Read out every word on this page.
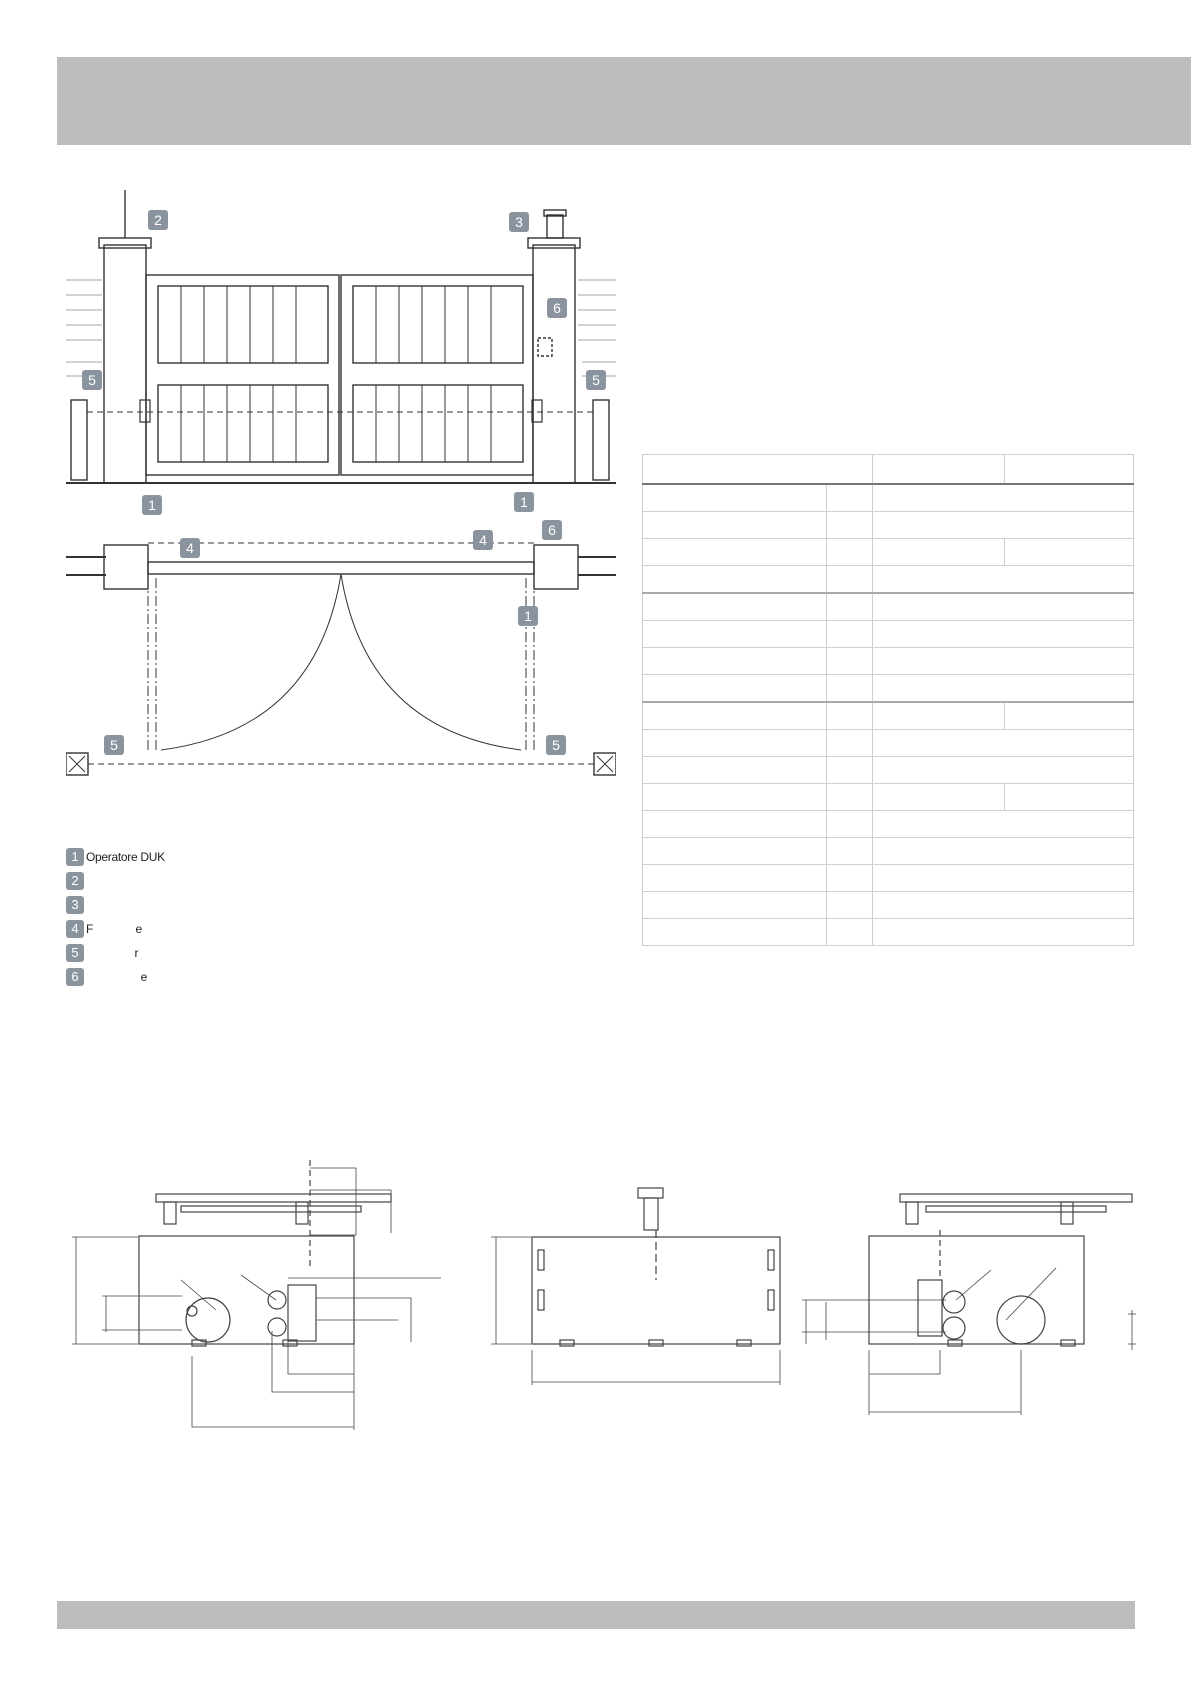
2	3
6
5	5
1	1
4	4
6
1
5	5
1 Operatore DUK
2
3
4 F              e
5 r
6 e
